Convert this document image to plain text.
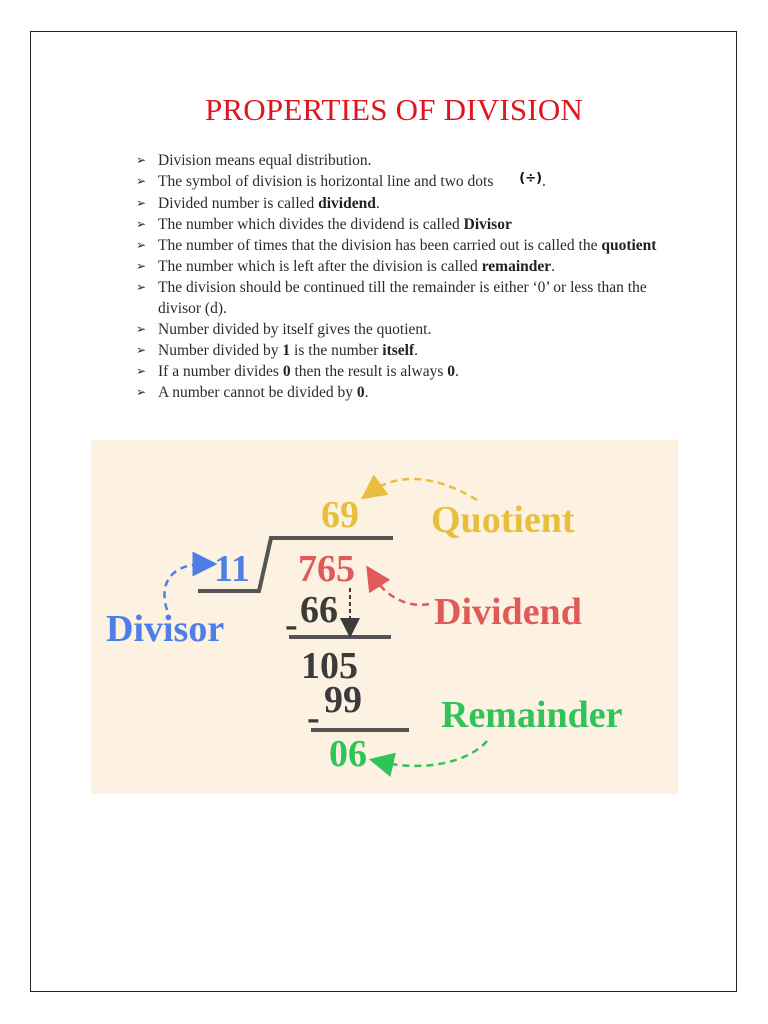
PROPERTIES OF DIVISION
➢ Division means equal distribution.
➢ The symbol of division is horizontal line and two dots (÷).
➢ Divided number is called dividend.
➢ The number which divides the dividend is called Divisor
➢ The number of times that the division has been carried out is called the quotient
➢ The number which is left after the division is called remainder.
➢ The division should be continued till the remainder is either ‘0’ or less than the divisor (d).
➢ Number divided by itself gives the quotient.
➢ Number divided by 1 is the number itself.
➢ If a number divides 0 then the result is always 0.
➢ A number cannot be divided by 0.
69
11 765
- 66
105
- 99
06
Quotient
Divisor	Dividend
Remainder
